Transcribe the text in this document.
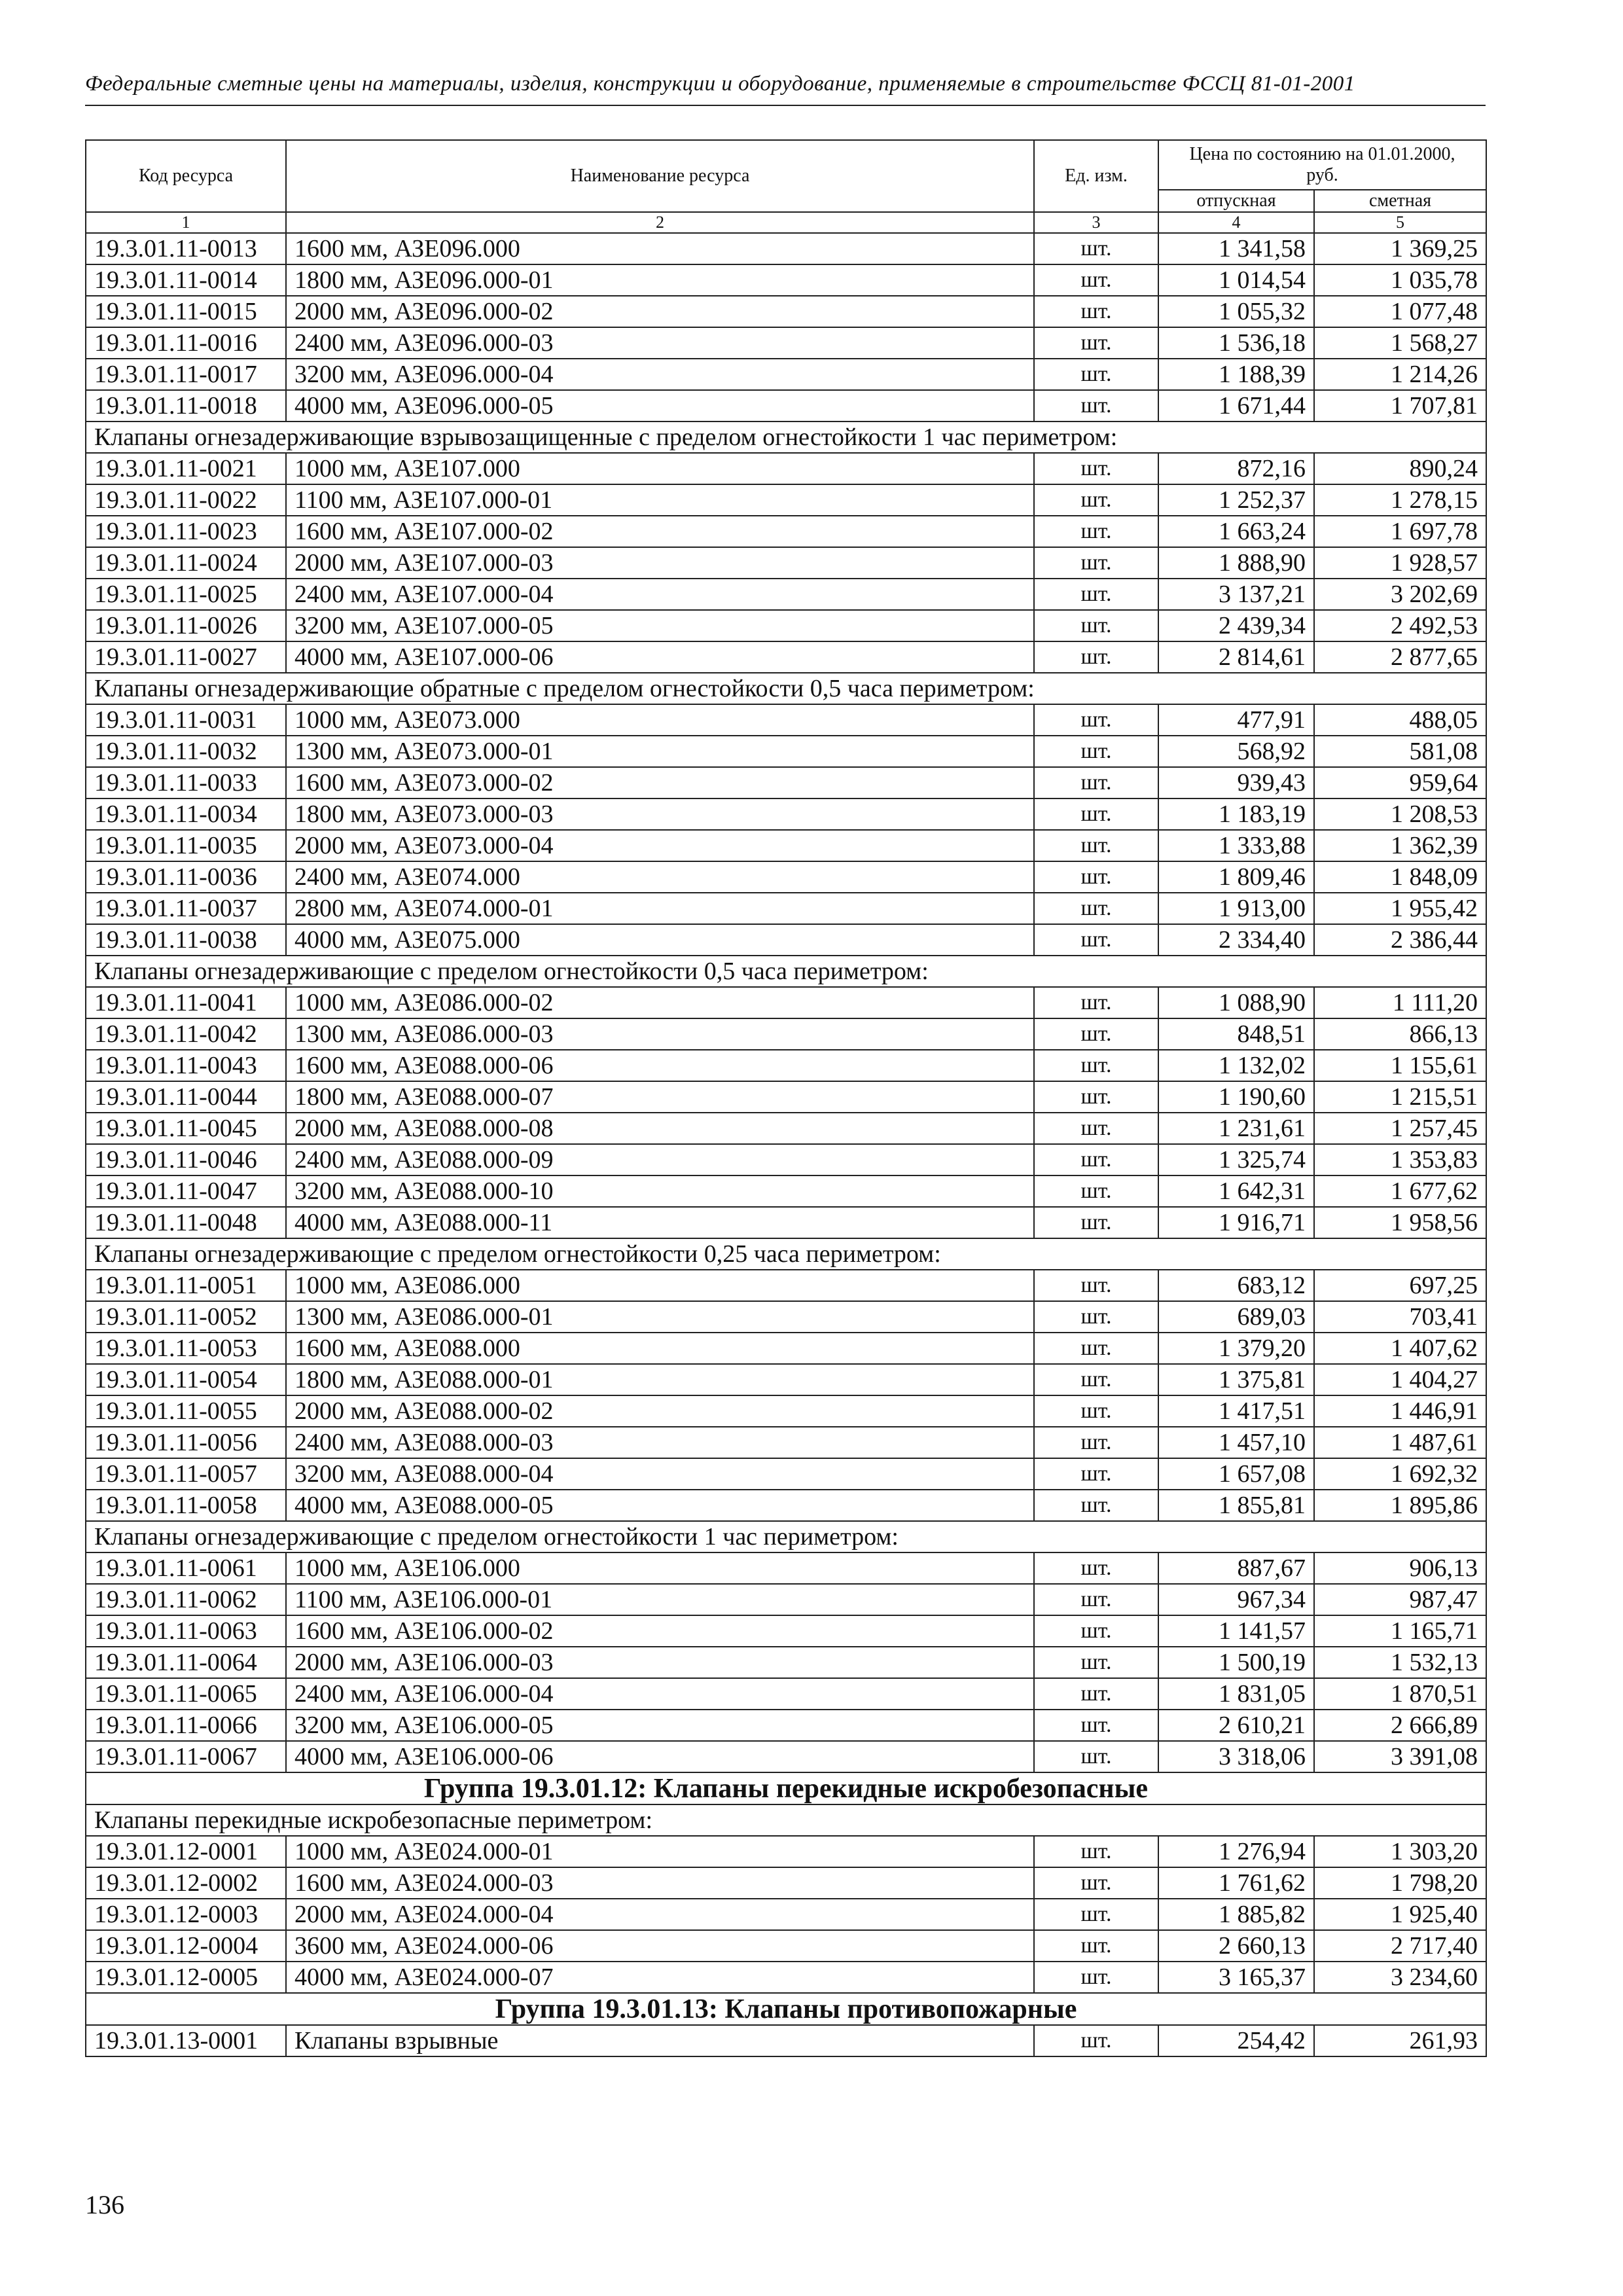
Федеральные сметные цены на материалы, изделия, конструкции и оборудование, применяемые в строительстве ФССЦ 81-01-2001
Код ресурса	Наименование ресурса	Ед. изм.	Цена по состоянию на 01.01.2000, руб.	
			отпускная	сметная
1	2	3	4	5
19.3.01.11-0013	1600 мм, АЗЕ096.000	шт.	1 341,58	1 369,25
19.3.01.11-0014	1800 мм, АЗЕ096.000-01	шт.	1 014,54	1 035,78
19.3.01.11-0015	2000 мм, АЗЕ096.000-02	шт.	1 055,32	1 077,48
19.3.01.11-0016	2400 мм, АЗЕ096.000-03	шт.	1 536,18	1 568,27
19.3.01.11-0017	3200 мм, АЗЕ096.000-04	шт.	1 188,39	1 214,26
19.3.01.11-0018	4000 мм, АЗЕ096.000-05	шт.	1 671,44	1 707,81
Клапаны огнезадерживающие взрывозащищенные с пределом огнестойкости 1 час периметром:				
19.3.01.11-0021	1000 мм, АЗЕ107.000	шт.	872,16	890,24
19.3.01.11-0022	1100 мм, АЗЕ107.000-01	шт.	1 252,37	1 278,15
19.3.01.11-0023	1600 мм, АЗЕ107.000-02	шт.	1 663,24	1 697,78
19.3.01.11-0024	2000 мм, АЗЕ107.000-03	шт.	1 888,90	1 928,57
19.3.01.11-0025	2400 мм, АЗЕ107.000-04	шт.	3 137,21	3 202,69
19.3.01.11-0026	3200 мм, АЗЕ107.000-05	шт.	2 439,34	2 492,53
19.3.01.11-0027	4000 мм, АЗЕ107.000-06	шт.	2 814,61	2 877,65
Клапаны огнезадерживающие обратные с пределом огнестойкости 0,5 часа периметром:				
19.3.01.11-0031	1000 мм, АЗЕ073.000	шт.	477,91	488,05
19.3.01.11-0032	1300 мм, АЗЕ073.000-01	шт.	568,92	581,08
19.3.01.11-0033	1600 мм, АЗЕ073.000-02	шт.	939,43	959,64
19.3.01.11-0034	1800 мм, АЗЕ073.000-03	шт.	1 183,19	1 208,53
19.3.01.11-0035	2000 мм, АЗЕ073.000-04	шт.	1 333,88	1 362,39
19.3.01.11-0036	2400 мм, АЗЕ074.000	шт.	1 809,46	1 848,09
19.3.01.11-0037	2800 мм, АЗЕ074.000-01	шт.	1 913,00	1 955,42
19.3.01.11-0038	4000 мм, АЗЕ075.000	шт.	2 334,40	2 386,44
Клапаны огнезадерживающие с пределом огнестойкости 0,5 часа периметром:				
19.3.01.11-0041	1000 мм, АЗЕ086.000-02	шт.	1 088,90	1 111,20
19.3.01.11-0042	1300 мм, АЗЕ086.000-03	шт.	848,51	866,13
19.3.01.11-0043	1600 мм, АЗЕ088.000-06	шт.	1 132,02	1 155,61
19.3.01.11-0044	1800 мм, АЗЕ088.000-07	шт.	1 190,60	1 215,51
19.3.01.11-0045	2000 мм, АЗЕ088.000-08	шт.	1 231,61	1 257,45
19.3.01.11-0046	2400 мм, АЗЕ088.000-09	шт.	1 325,74	1 353,83
19.3.01.11-0047	3200 мм, АЗЕ088.000-10	шт.	1 642,31	1 677,62
19.3.01.11-0048	4000 мм, АЗЕ088.000-11	шт.	1 916,71	1 958,56
Клапаны огнезадерживающие с пределом огнестойкости 0,25 часа периметром:				
19.3.01.11-0051	1000 мм, АЗЕ086.000	шт.	683,12	697,25
19.3.01.11-0052	1300 мм, АЗЕ086.000-01	шт.	689,03	703,41
19.3.01.11-0053	1600 мм, АЗЕ088.000	шт.	1 379,20	1 407,62
19.3.01.11-0054	1800 мм, АЗЕ088.000-01	шт.	1 375,81	1 404,27
19.3.01.11-0055	2000 мм, АЗЕ088.000-02	шт.	1 417,51	1 446,91
19.3.01.11-0056	2400 мм, АЗЕ088.000-03	шт.	1 457,10	1 487,61
19.3.01.11-0057	3200 мм, АЗЕ088.000-04	шт.	1 657,08	1 692,32
19.3.01.11-0058	4000 мм, АЗЕ088.000-05	шт.	1 855,81	1 895,86
Клапаны огнезадерживающие с пределом огнестойкости 1 час периметром:				
19.3.01.11-0061	1000 мм, АЗЕ106.000	шт.	887,67	906,13
19.3.01.11-0062	1100 мм, АЗЕ106.000-01	шт.	967,34	987,47
19.3.01.11-0063	1600 мм, АЗЕ106.000-02	шт.	1 141,57	1 165,71
19.3.01.11-0064	2000 мм, АЗЕ106.000-03	шт.	1 500,19	1 532,13
19.3.01.11-0065	2400 мм, АЗЕ106.000-04	шт.	1 831,05	1 870,51
19.3.01.11-0066	3200 мм, АЗЕ106.000-05	шт.	2 610,21	2 666,89
19.3.01.11-0067	4000 мм, АЗЕ106.000-06	шт.	3 318,06	3 391,08
Группа 19.3.01.12: Клапаны перекидные искробезопасные				
Клапаны перекидные искробезопасные периметром:				
19.3.01.12-0001	1000 мм, АЗЕ024.000-01	шт.	1 276,94	1 303,20
19.3.01.12-0002	1600 мм, АЗЕ024.000-03	шт.	1 761,62	1 798,20
19.3.01.12-0003	2000 мм, АЗЕ024.000-04	шт.	1 885,82	1 925,40
19.3.01.12-0004	3600 мм, АЗЕ024.000-06	шт.	2 660,13	2 717,40
19.3.01.12-0005	4000 мм, АЗЕ024.000-07	шт.	3 165,37	3 234,60
Группа 19.3.01.13: Клапаны противопожарные				
19.3.01.13-0001	Клапаны взрывные	шт.	254,42	261,93
136
